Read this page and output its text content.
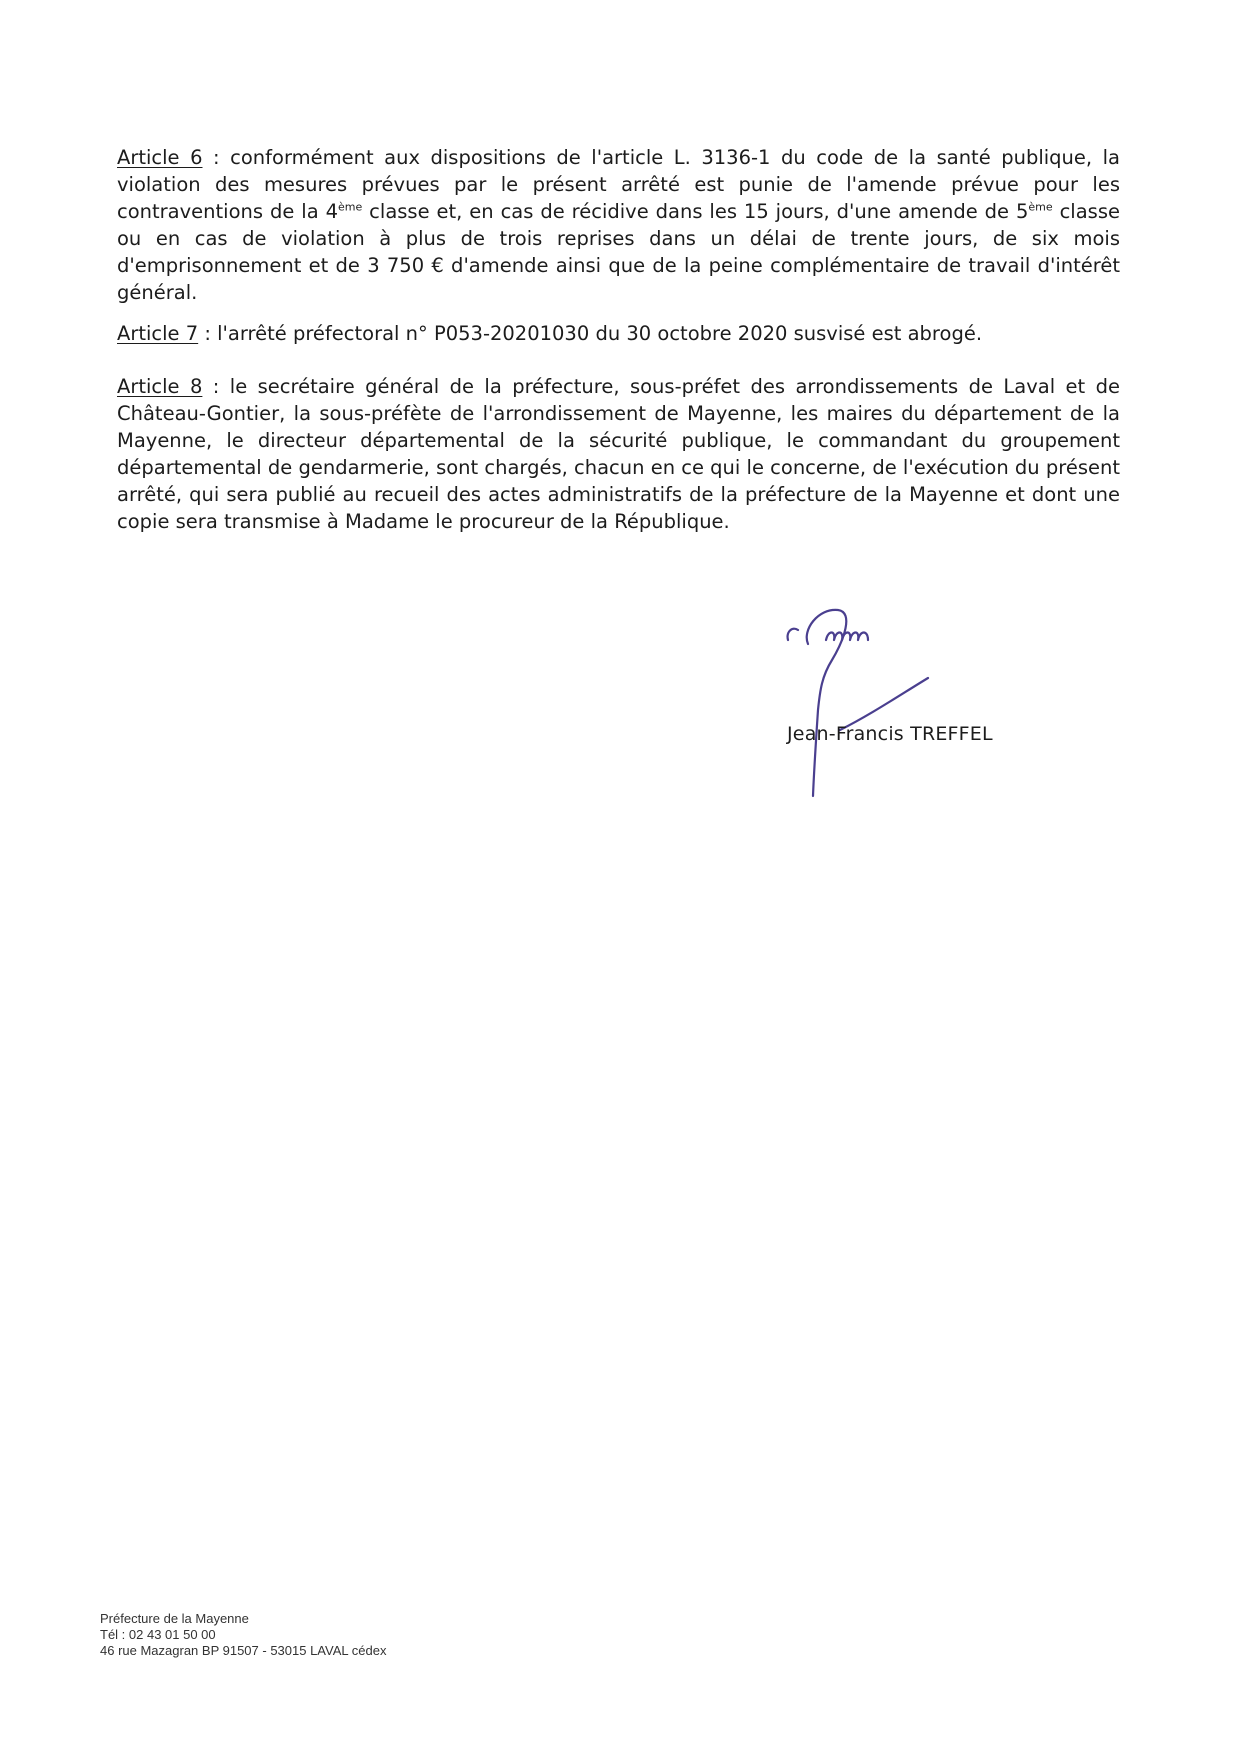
Article 6 : conformément aux dispositions de l'article L. 3136-1 du code de la santé publique, la violation des mesures prévues par le présent arrêté est punie de l'amende prévue pour les contraventions de la 4ème classe et, en cas de récidive dans les 15 jours, d'une amende de 5ème classe ou en cas de violation à plus de trois reprises dans un délai de trente jours, de six mois d'emprisonnement et de 3 750 € d'amende ainsi que de la peine complémentaire de travail d'intérêt général.

Article 7 : l'arrêté préfectoral n° P053-20201030 du 30 octobre 2020 susvisé est abrogé.

Article 8 : le secrétaire général de la préfecture, sous-préfet des arrondissements de Laval et de Château-Gontier, la sous-préfète de l'arrondissement de Mayenne, les maires du département de la Mayenne, le directeur départemental de la sécurité publique, le commandant du groupement départemental de gendarmerie, sont chargés, chacun en ce qui le concerne, de l'exécution du présent arrêté, qui sera publié au recueil des actes administratifs de la préfecture de la Mayenne et dont une copie sera transmise à Madame le procureur de la République.

Jean-Francis TREFFEL
Préfecture de la Mayenne
Tél : 02 43 01 50 00
46 rue Mazagran BP 91507 - 53015 LAVAL cédex
